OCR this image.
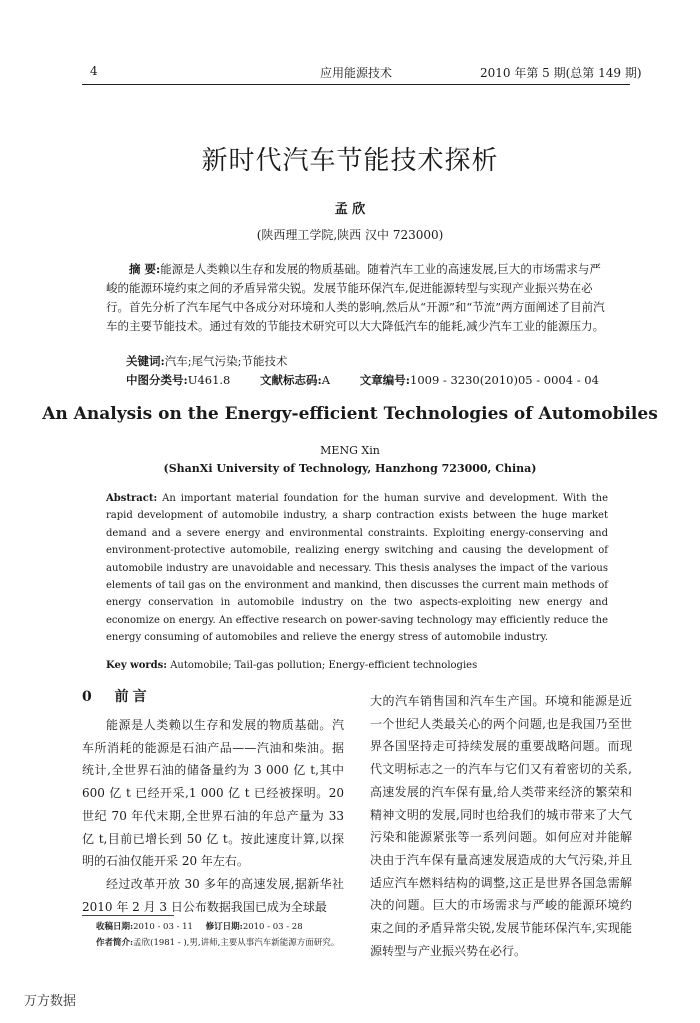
4	应用能源技术	2010 年第 5 期(总第 149 期)
新时代汽车节能技术探析
孟 欣
(陕西理工学院,陕西 汉中 723000)
摘 要:能源是人类赖以生存和发展的物质基础。随着汽车工业的高速发展,巨大的市场需求与严峻的能源环境约束之间的矛盾异常尖锐。发展节能环保汽车,促进能源转型与实现产业振兴势在必行。首先分析了汽车尾气中各成分对环境和人类的影响,然后从“开源”和“节流”两方面阐述了目前汽车的主要节能技术。通过有效的节能技术研究可以大大降低汽车的能耗,减少汽车工业的能源压力。
关键词:汽车;尾气污染;节能技术
中图分类号:U461.8	文献标志码:A	文章编号:1009 - 3230(2010)05 - 0004 - 04
An Analysis on the Energy-efficient Technologies of Automobiles
MENG Xin
(ShanXi University of Technology, Hanzhong 723000, China)
Abstract: An important material foundation for the human survive and development. With the rapid development of automobile industry, a sharp contraction exists between the huge market demand and a severe energy and environmental constraints. Exploiting energy-conserving and environment-protective automobile, realizing energy switching and causing the development of automobile industry are unavoidable and necessary. This thesis analyses the impact of the various elements of tail gas on the environment and mankind, then discusses the current main methods of energy conservation in automobile industry on the two aspects-exploiting new energy and economize on energy. An effective research on power-saving technology may efficiently reduce the energy consuming of automobiles and relieve the energy stress of automobile industry.
Key words: Automobile; Tail-gas pollution; Energy-efficient technologies
0 前言
能源是人类赖以生存和发展的物质基础。汽车所消耗的能源是石油产品——汽油和柴油。据统计,全世界石油的储备量约为 3 000 亿 t,其中 600 亿 t 已经开采,1 000 亿 t 已经被探明。20 世纪 70 年代末期,全世界石油的年总产量为 33 亿 t,目前已增长到 50 亿 t。按此速度计算,以探明的石油仅能开采 20 年左右。
经过改革开放 30 多年的高速发展,据新华社 2010 年 2 月 3 日公布数据我国已成为全球最
大的汽车销售国和汽车生产国。环境和能源是近一个世纪人类最关心的两个问题,也是我国乃至世界各国坚持走可持续发展的重要战略问题。而现代文明标志之一的汽车与它们又有着密切的关系,高速发展的汽车保有量,给人类带来经济的繁荣和精神文明的发展,同时也给我们的城市带来了大气污染和能源紧张等一系列问题。如何应对并能解决由于汽车保有量高速发展造成的大气污染,并且适应汽车燃料结构的调整,这正是世界各国急需解决的问题。巨大的市场需求与严峻的能源环境约束之间的矛盾异常尖锐,发展节能环保汽车,实现能源转型与产业振兴势在必行。
收稿日期:2010 - 03 - 11 修订日期:2010 - 03 - 28
作者简介:孟欣(1981 - ),男,讲师,主要从事汽车新能源方面研究。
万方数据
